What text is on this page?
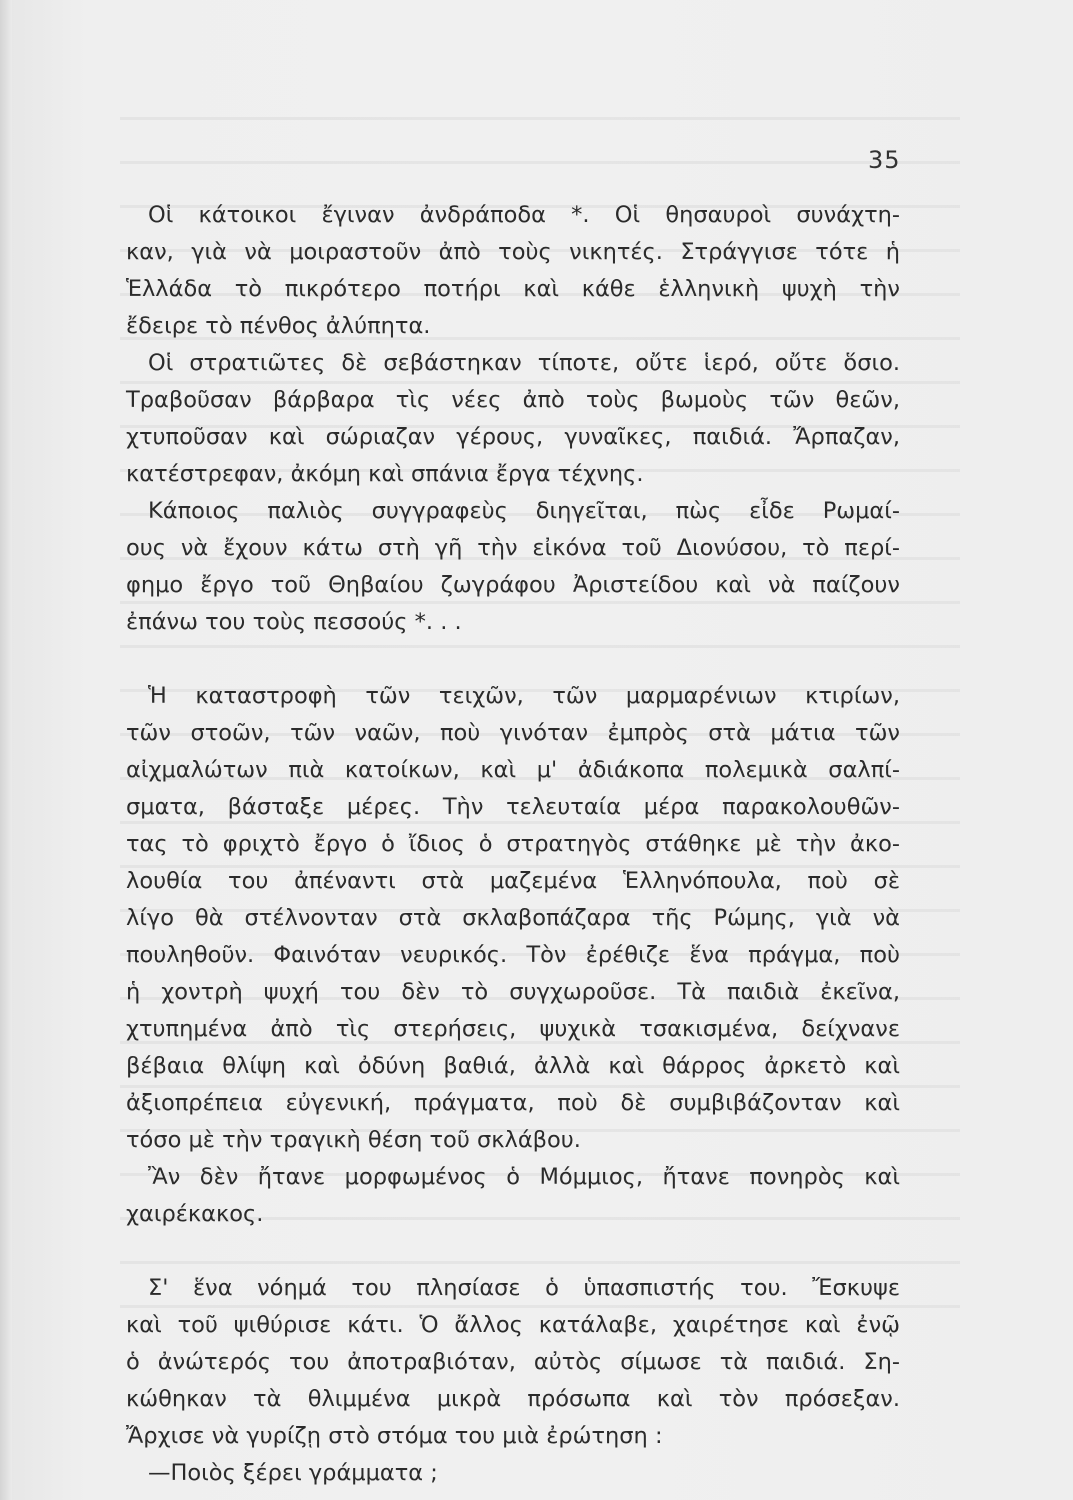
35
Οἱ κάτοικοι ἔγιναν ἀνδράποδα *. Οἱ θησαυροὶ συνάχτη-
καν, γιὰ νὰ μοιραστοῦν ἀπὸ τοὺς νικητές. Στράγγισε τότε ἡ
Ἑλλάδα τὸ πικρότερο ποτήρι καὶ κάθε ἑλληνικὴ ψυχὴ τὴν
ἔδειρε τὸ πένθος ἀλύπητα.
Οἱ στρατιῶτες δὲ σεβάστηκαν τίποτε, οὔτε ἱερό, οὔτε ὅσιο.
Τραβοῦσαν βάρβαρα τὶς νέες ἀπὸ τοὺς βωμοὺς τῶν θεῶν,
χτυποῦσαν καὶ σώριαζαν γέρους, γυναῖκες, παιδιά. Ἄρπαζαν,
κατέστρεφαν, ἀκόμη καὶ σπάνια ἔργα τέχνης.
Κάποιος παλιὸς συγγραφεὺς διηγεῖται, πὼς εἶδε Ρωμαί-
ους νὰ ἔχουν κάτω στὴ γῆ τὴν εἰκόνα τοῦ Διονύσου, τὸ περί-
φημο ἔργο τοῦ Θηβαίου ζωγράφου Ἀριστείδου καὶ νὰ παίζουν
ἐπάνω του τοὺς πεσσούς *. . .
Ἡ καταστροφὴ τῶν τειχῶν, τῶν μαρμαρένιων κτιρίων,
τῶν στοῶν, τῶν ναῶν, ποὺ γινόταν ἐμπρὸς στὰ μάτια τῶν
αἰχμαλώτων πιὰ κατοίκων, καὶ μ' ἀδιάκοπα πολεμικὰ σαλπί-
σματα, βάσταξε μέρες. Τὴν τελευταία μέρα παρακολουθῶν-
τας τὸ φριχτὸ ἔργο ὁ ἴδιος ὁ στρατηγὸς στάθηκε μὲ τὴν ἀκο-
λουθία του ἀπέναντι στὰ μαζεμένα Ἑλληνόπουλα, ποὺ σὲ
λίγο θὰ στέλνονταν στὰ σκλαβοπάζαρα τῆς Ρώμης, γιὰ νὰ
πουληθοῦν. Φαινόταν νευρικός. Τὸν ἐρέθιζε ἕνα πράγμα, ποὺ
ἡ χοντρὴ ψυχή του δὲν τὸ συγχωροῦσε. Τὰ παιδιὰ ἐκεῖνα,
χτυπημένα ἀπὸ τὶς στερήσεις, ψυχικὰ τσακισμένα, δείχνανε
βέβαια θλίψη καὶ ὀδύνη βαθιά, ἀλλὰ καὶ θάρρος ἀρκετὸ καὶ
ἀξιοπρέπεια εὐγενική, πράγματα, ποὺ δὲ συμβιβάζονταν καὶ
τόσο μὲ τὴν τραγικὴ θέση τοῦ σκλάβου.
Ἂν δὲν ἤτανε μορφωμένος ὁ Μόμμιος, ἤτανε πονηρὸς καὶ
χαιρέκακος.
Σ' ἕνα νόημά του πλησίασε ὁ ὑπασπιστής του. Ἔσκυψε
καὶ τοῦ ψιθύρισε κάτι. Ὁ ἄλλος κατάλαβε, χαιρέτησε καὶ ἐνῷ
ὁ ἀνώτερός του ἀποτραβιόταν, αὐτὸς σίμωσε τὰ παιδιά. Ση-
κώθηκαν τὰ θλιμμένα μικρὰ πρόσωπα καὶ τὸν πρόσεξαν.
Ἄρχισε νὰ γυρίζῃ στὸ στόμα του μιὰ ἐρώτηση :
—Ποιὸς ξέρει γράμματα ;
